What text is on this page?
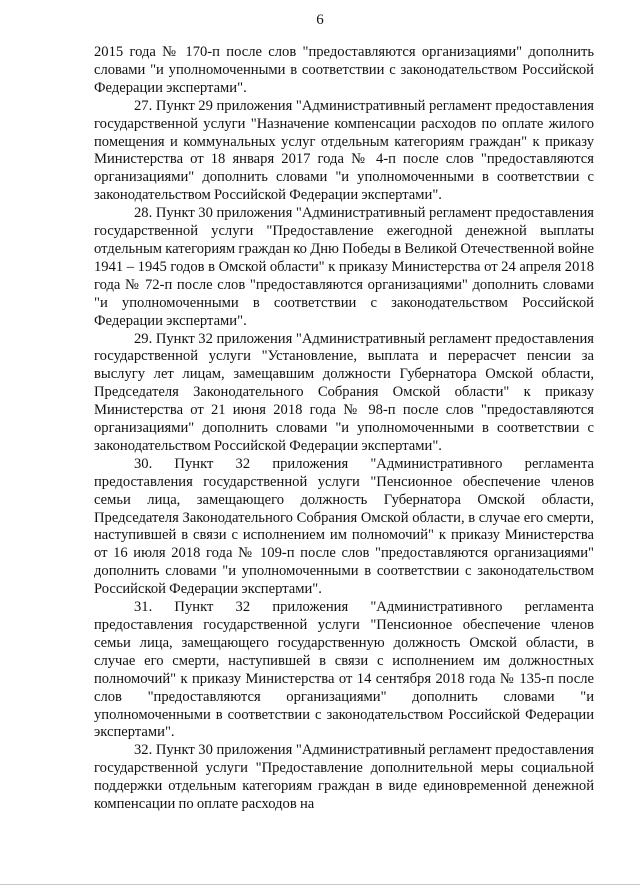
6

2015 года № 170-п после слов "предоставляются организациями" дополнить словами "и уполномоченными в соответствии с законодательством Российской Федерации экспертами".

27. Пункт 29 приложения "Административный регламент предоставления государственной услуги "Назначение компенсации расходов по оплате жилого помещения и коммунальных услуг отдельным категориям граждан" к приказу Министерства от 18 января 2017 года № 4-п после слов "предоставляются организациями" дополнить словами "и уполномоченными в соответствии с законодательством Российской Федерации экспертами".

28. Пункт 30 приложения "Административный регламент предоставления государственной услуги "Предоставление ежегодной денежной выплаты отдельным категориям граждан ко Дню Победы в Великой Отечественной войне 1941 – 1945 годов в Омской области" к приказу Министерства от 24 апреля 2018 года № 72-п после слов "предоставляются организациями" дополнить словами "и уполномоченными в соответствии с законодательством Российской Федерации экспертами".

29. Пункт 32 приложения "Административный регламент предоставления государственной услуги "Установление, выплата и перерасчет пенсии за выслугу лет лицам, замещавшим должности Губернатора Омской области, Председателя Законодательного Собрания Омской области" к приказу Министерства от 21 июня 2018 года № 98-п после слов "предоставляются организациями" дополнить словами "и уполномоченными в соответствии с законодательством Российской Федерации экспертами".

30. Пункт 32 приложения "Административного регламента предоставления государственной услуги "Пенсионное обеспечение членов семьи лица, замещающего должность Губернатора Омской области, Председателя Законодательного Собрания Омской области, в случае его смерти, наступившей в связи с исполнением им полномочий" к приказу Министерства от 16 июля 2018 года № 109-п после слов "предоставляются организациями" дополнить словами "и уполномоченными в соответствии с законодательством Российской Федерации экспертами".

31. Пункт 32 приложения "Административного регламента предоставления государственной услуги "Пенсионное обеспечение членов семьи лица, замещающего государственную должность Омской области, в случае его смерти, наступившей в связи с исполнением им должностных полномочий" к приказу Министерства от 14 сентября 2018 года № 135-п после слов "предоставляются организациями" дополнить словами "и уполномоченными в соответствии с законодательством Российской Федерации экспертами".

32. Пункт 30 приложения "Административный регламент предоставления государственной услуги "Предоставление дополнительной меры социальной поддержки отдельным категориям граждан в виде единовременной денежной компенсации по оплате расходов на
